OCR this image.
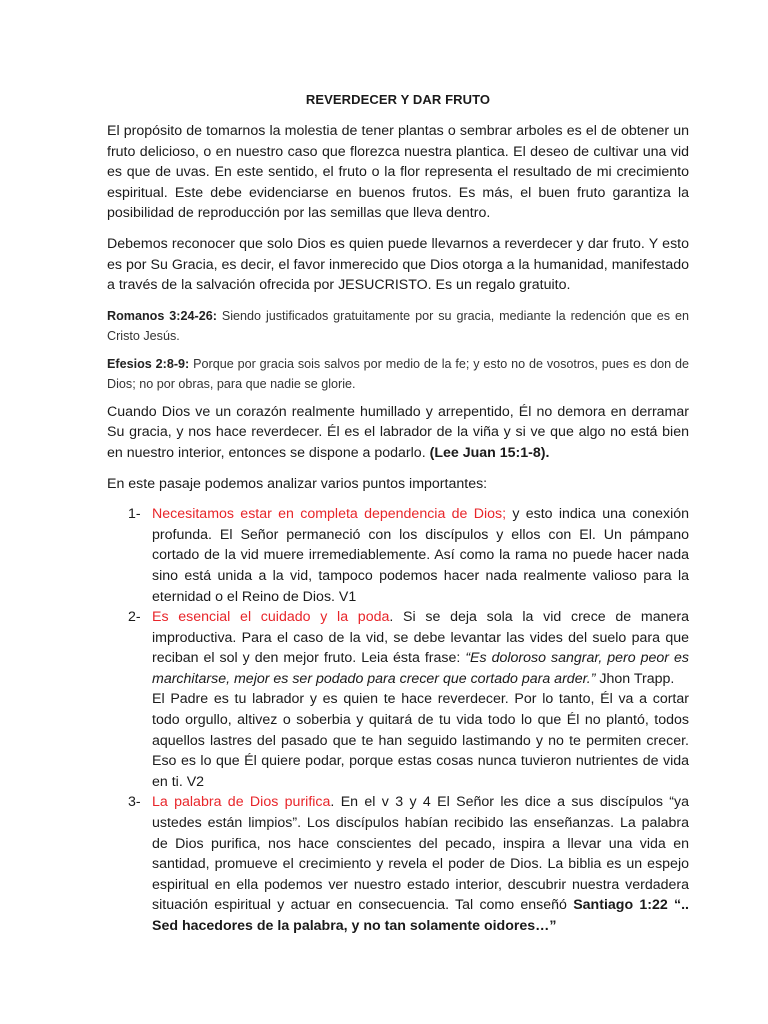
REVERDECER Y DAR FRUTO

El propósito de tomarnos la molestia de tener plantas o sembrar arboles es el de obtener un fruto delicioso, o en nuestro caso que florezca nuestra plantica. El deseo de cultivar una vid es que de uvas. En este sentido, el fruto o la flor representa el resultado de mi crecimiento espiritual. Este debe evidenciarse en buenos frutos. Es más, el buen fruto garantiza la posibilidad de reproducción por las semillas que lleva dentro.

Debemos reconocer que solo Dios es quien puede llevarnos a reverdecer y dar fruto. Y esto es por Su Gracia, es decir, el favor inmerecido que Dios otorga a la humanidad, manifestado a través de la salvación ofrecida por JESUCRISTO. Es un regalo gratuito.

Romanos 3:24-26: Siendo justificados gratuitamente por su gracia, mediante la redención que es en Cristo Jesús.

Efesios 2:8-9: Porque por gracia sois salvos por medio de la fe; y esto no de vosotros, pues es don de Dios; no por obras, para que nadie se glorie.

Cuando Dios ve un corazón realmente humillado y arrepentido, Él no demora en derramar Su gracia, y nos hace reverdecer. Él es el labrador de la viña y si ve que algo no está bien en nuestro interior, entonces se dispone a podarlo. (Lee Juan 15:1-8).

En este pasaje podemos analizar varios puntos importantes:

1- Necesitamos estar en completa dependencia de Dios; y esto indica una conexión profunda. El Señor permaneció con los discípulos y ellos con El. Un pámpano cortado de la vid muere irremediablemente. Así como la rama no puede hacer nada sino está unida a la vid, tampoco podemos hacer nada realmente valioso para la eternidad o el Reino de Dios. V1
2- Es esencial el cuidado y la poda. Si se deja sola la vid crece de manera improductiva. Para el caso de la vid, se debe levantar las vides del suelo para que reciban el sol y den mejor fruto. Leia ésta frase: “Es doloroso sangrar, pero peor es marchitarse, mejor es ser podado para crecer que cortado para arder.” Jhon Trapp.
El Padre es tu labrador y es quien te hace reverdecer. Por lo tanto, Él va a cortar todo orgullo, altivez o soberbia y quitará de tu vida todo lo que Él no plantó, todos aquellos lastres del pasado que te han seguido lastimando y no te permiten crecer. Eso es lo que Él quiere podar, porque estas cosas nunca tuvieron nutrientes de vida en ti. V2
3- La palabra de Dios purifica. En el v 3 y 4 El Señor les dice a sus discípulos “ya ustedes están limpios”. Los discípulos habían recibido las enseñanzas. La palabra de Dios purifica, nos hace conscientes del pecado, inspira a llevar una vida en santidad, promueve el crecimiento y revela el poder de Dios. La biblia es un espejo espiritual en ella podemos ver nuestro estado interior, descubrir nuestra verdadera situación espiritual y actuar en consecuencia. Tal como enseñó Santiago 1:22 “.. Sed hacedores de la palabra, y no tan solamente oidores…”
